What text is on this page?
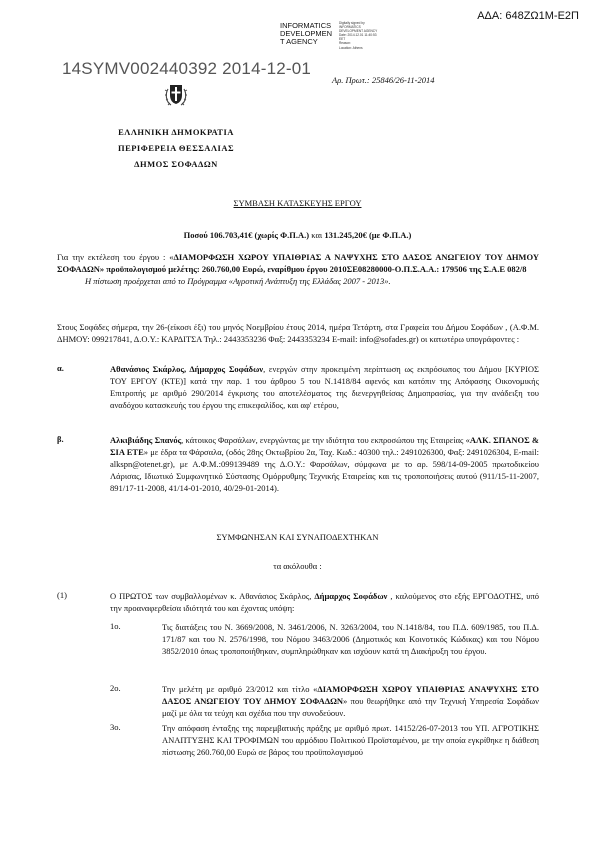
ΑΔΑ: 648ΖΩ1Μ-Ε2Π
INFORMATICS
DEVELOPMEN
T AGENCY
Digitally signed by
INFORMATICS
DEVELOPMENT AGENCY
Date: 2014.12.01 11:40:53
EET
Reason:
Location: Athens
14SYMV002440392 2014-12-01
Αρ. Πρωτ.: 25846/26-11-2014
ΕΛΛΗΝΙΚΗ ΔΗΜΟΚΡΑΤΙΑ
ΠΕΡΙΦΕΡΕΙΑ ΘΕΣΣΑΛΙΑΣ
ΔΗΜΟΣ ΣΟΦΑΔΩΝ
ΣΥΜΒΑΣΗ ΚΑΤΑΣΚΕΥΗΣ ΕΡΓΟΥ
Ποσού 106.703,41€ (χωρίς Φ.Π.Α.) και 131.245,20€ (με Φ.Π.Α.)
Για την εκτέλεση του έργου : «ΔΙΑΜΟΡΦΩΣΗ ΧΩΡΟΥ ΥΠΑΙΘΡΙΑΣ Α ΝΑΨΥΧΗΣ ΣΤΟ ΔΑΣΟΣ ΑΝΩΓΕΙΟΥ ΤΟΥ ΔΗΜΟΥ ΣΟΦΑΔΩΝ» προϋπολογισμού μελέτης: 260.760,00 Ευρώ, εναρίθμου έργου 2010ΣΕ08280000-Ο.Π.Σ.Α.Α.: 179506 της Σ.Α.Ε 082/8
Η πίστωση προέρχεται από το Πρόγραμμα «Αγροτική Ανάπτυξη της Ελλάδας 2007 - 2013».
Στους Σοφάδες σήμερα, την 26-(είκοσι έξι) του μηνός Νοεμβρίου έτους 2014, ημέρα Τετάρτη, στα Γραφεία του Δήμου Σοφάδων , (Α.Φ.Μ. ΔΗΜΟΥ: 099217841, Δ.Ο.Υ.: ΚΑΡΔΙΤΣΑ Τηλ.: 2443353236 Φαξ: 2443353234 E-mail: info@sofades.gr) οι κατωτέρω υπογράφοντες :
α.	Αθανάσιος Σκάρλος, Δήμαρχος Σοφάδων, ενεργών στην προκειμένη περίπτωση ως εκπρόσωπος του Δήμου [ΚΥΡΙΟΣ ΤΟΥ ΕΡΓΟΥ (ΚΤΕ)] κατά την παρ. 1 του άρθρου 5 του Ν.1418/84 αφενός και κατόπιν της Απόφασης Οικονομικής Επιτροπής με αριθμό 290/2014 έγκρισης του αποτελέσματος της διενεργηθείσας Δημοπρασίας, για την ανάδειξη του αναδόχου κατασκευής του έργου της επικεφαλίδος, και αφ' ετέρου,
β.	Αλκιβιάδης Σπανός, κάτοικος Φαρσάλων, ενεργώντας με την ιδιότητα του εκπροσώπου της Εταιρείας «ΑΛΚ. ΣΠΑΝΟΣ & ΣΙΑ ΕΤΕ» με έδρα τα Φάρσαλα, (οδός 28ης Οκτωβρίου 2α, Ταχ. Κωδ.: 40300 τηλ.: 2491026300, Φαξ: 2491026304, E-mail: alkspn@otenet.gr), με Α.Φ.Μ.:099139489 της Δ.Ο.Υ.: Φαρσάλων, σύμφωνα με το αρ. 598/14-09-2005 πρωτοδικείου Λάρισας, Ιδιωτικό Συμφωνητικό Σύστασης Ομόρρυθμης Τεχνικής Εταιρείας και τις τροποποιήσεις αυτού (911/15-11-2007, 891/17-11-2008, 41/14-01-2010, 40/29-01-2014).
ΣΥΜΦΩΝΗΣΑΝ ΚΑΙ ΣΥΝΑΠΟΔΕΧΤΗΚΑΝ
τα ακόλουθα :
(1)	Ο ΠΡΩΤΟΣ των συμβαλλομένων κ. Αθανάσιος Σκάρλος, Δήμαρχος Σοφάδων , καλούμενος στο εξής ΕΡΓΟΔΟΤΗΣ, υπό την προαναφερθείσα ιδιότητά του και έχοντας υπόψη:
1ο.	Τις διατάξεις του Ν. 3669/2008, Ν. 3461/2006, Ν. 3263/2004, του Ν.1418/84, του Π.Δ. 609/1985, του Π.Δ. 171/87 και του Ν. 2576/1998, του Νόμου 3463/2006 (Δημοτικός και Κοινοτικός Κώδικας) και του Νόμου 3852/2010 όπως τροποποιήθηκαν, συμπληρώθηκαν και ισχύουν κατά τη Διακήρυξη του έργου.
2ο.	Την μελέτη με αριθμό 23/2012 και τίτλο «ΔΙΑΜΟΡΦΩΣΗ ΧΩΡΟΥ ΥΠΑΙΘΡΙΑΣ ΑΝΑΨΥΧΗΣ ΣΤΟ ΔΑΣΟΣ ΑΝΩΓΕΙΟΥ ΤΟΥ ΔΗΜΟΥ ΣΟΦΑΔΩΝ» που θεωρήθηκε από την Τεχνική Υπηρεσία Σοφάδων μαζί με όλα τα τεύχη και σχέδια που την συνοδεύουν.
3ο.	Την απόφαση ένταξης της παρεμβατικής πράξης με αριθμό πρωτ. 14152/26-07-2013 του ΥΠ. ΑΓΡΟΤΙΚΗΣ ΑΝΑΠΤΥΞΗΣ ΚΑΙ ΤΡΟΦΙΜΩΝ του αρμόδιου Πολιτικού Προϊσταμένου, με την οποία εγκρίθηκε η διάθεση πίστωσης 260.760,00 Ευρώ σε βάρος του προϋπολογισμού
